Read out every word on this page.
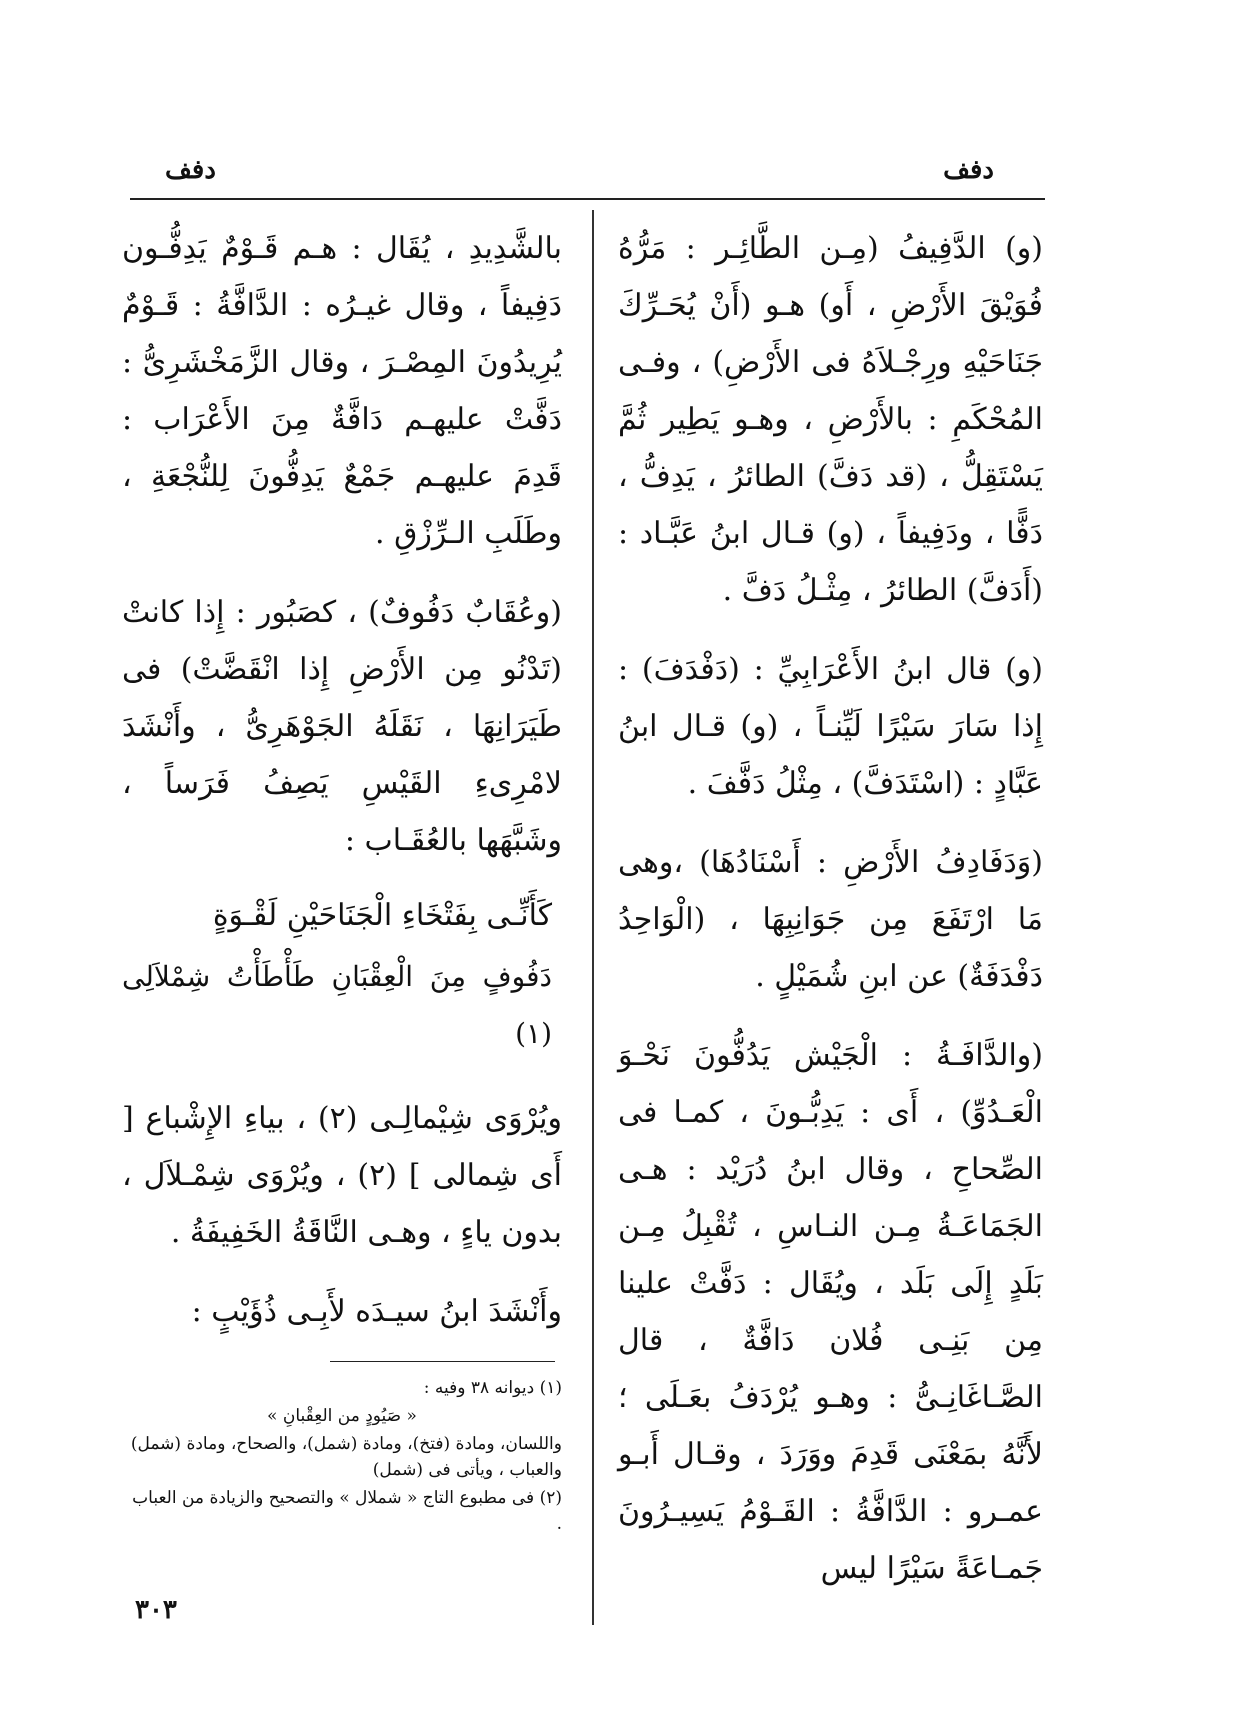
دفف
دفف

(و) الدَّفِيفُ (مِـن الطَّائِـر : مَرُّهُ فُوَيْقَ الأَرْضِ ، أَو) هـو (أَنْ يُحَـرِّكَ جَنَاحَيْهِ ورِجْـلاَهُ فى الأَرْضِ) ، وفـى المُحْكَمِ : بالأَرْضِ ، وهـو يَطِير ثُمَّ يَسْتَقِلُّ ، (قد دَفَّ) الطائرُ ، يَدِفُّ ، دَفًّا ، ودَفِيفاً ، (و) قـال ابنُ عَبَّـاد : (أَدَفَّ) الطائرُ ، مِثْـلُ دَفَّ .

(و) قال ابنُ الأَعْرَابِيِّ : (دَفْدَفَ) : إِذا سَارَ سَيْرًا لَيِّنـاً ، (و) قـال ابنُ عَبَّادٍ : (اسْتَدَفَّ) ، مِثْلُ دَفَّفَ .

(وَدَفَادِفُ الأَرْضِ : أَسْنَادُهَا) ،وهى مَا ارْتَفَعَ مِن جَوَانِبِهَا ، (الْوَاحِدُ دَفْدَفَةٌ) عن ابنِ شُمَيْلٍ .

(والدَّافَـةُ : الْجَيْش يَدُفُّونَ نَحْـوَ الْعَـدُوِّ) ، أَى : يَدِبُّـونَ ، كمـا فى الصِّحاحِ ، وقال ابنُ دُرَيْد : هـى الجَمَاعَـةُ مِـن النـاسِ ، تُقْبِلُ مِـن بَلَدٍ إِلَى بَلَد ، ويُقَال : دَفَّتْ علينا مِن بَنِـى فُلان دَافَّةٌ ، قال الصَّـاغَانِـىُّ : وهـو يُرْدَفُ بعَـلَى ؛ لأَنَّهُ بمَعْنَى قَدِمَ ووَرَدَ ، وقـال أَبـو عمـرو : الدَّافَّةُ : القَـوْمُ يَسِيـرُونَ جَمـاعَةً سَيْرًا ليس

بالشَّدِيدِ ، يُقَال : هـم قَـوْمٌ يَدِفُّـون دَفِيفاً ، وقال غيـرُه : الدَّافَّةُ : قَـوْمٌ يُرِيدُونَ المِصْـرَ ، وقال الزَّمَخْشَرِىُّ : دَفَّتْ عليهـم دَافَّةٌ مِنَ الأَعْرَاب : قَدِمَ عليهـم جَمْعٌ يَدِفُّونَ لِلنُّجْعَةِ ، وطَلَبِ الـرِّزْقِ .

(وعُقَابٌ دَفُوفٌ) ، كصَبُور : إِذا كانتْ (تَدْنُو مِن الأَرْضِ إِذا انْقَضَّتْ) فى طَيَرَانِهَا ، نَقَلَهُ الجَوْهَرِىُّ ، وأَنْشَدَ لامْرِىءِ القَيْسِ يَصِفُ فَرَساً ، وشَبَّهَها بالعُقَـاب :

كَأَنِّـى بِفَتْخَاءِ الْجَنَاحَيْنِ لَقْـوَةٍ

دَفُوفٍ مِنَ الْعِقْبَانِ طَأْطَأْتُ شِمْلاَلِى (١)

ويُرْوَى شِيْمالِـى (٢) ، بياءِ الإِشْباع [ أَى شِمالى ] (٢) ، ويُرْوَى شِمْـلاَل ، بدون ياءٍ ، وهـى النَّاقَةُ الخَفِيفَةُ .

وأَنْشَدَ ابنُ سيـدَه لأَبِـى ذُؤَيْبٍ :

(١) ديوانه ٣٨ وفيه :

« صَيُودٍ من العِقْبانِ »

واللسان، ومادة (فتخ)، ومادة (شمل)، والصحاح، ومادة (شمل) والعباب ، ويأتى فى (شمل)

(٢) فى مطبوع التاج « شملال » والتصحيح والزيادة من العباب .

٣٠٣
